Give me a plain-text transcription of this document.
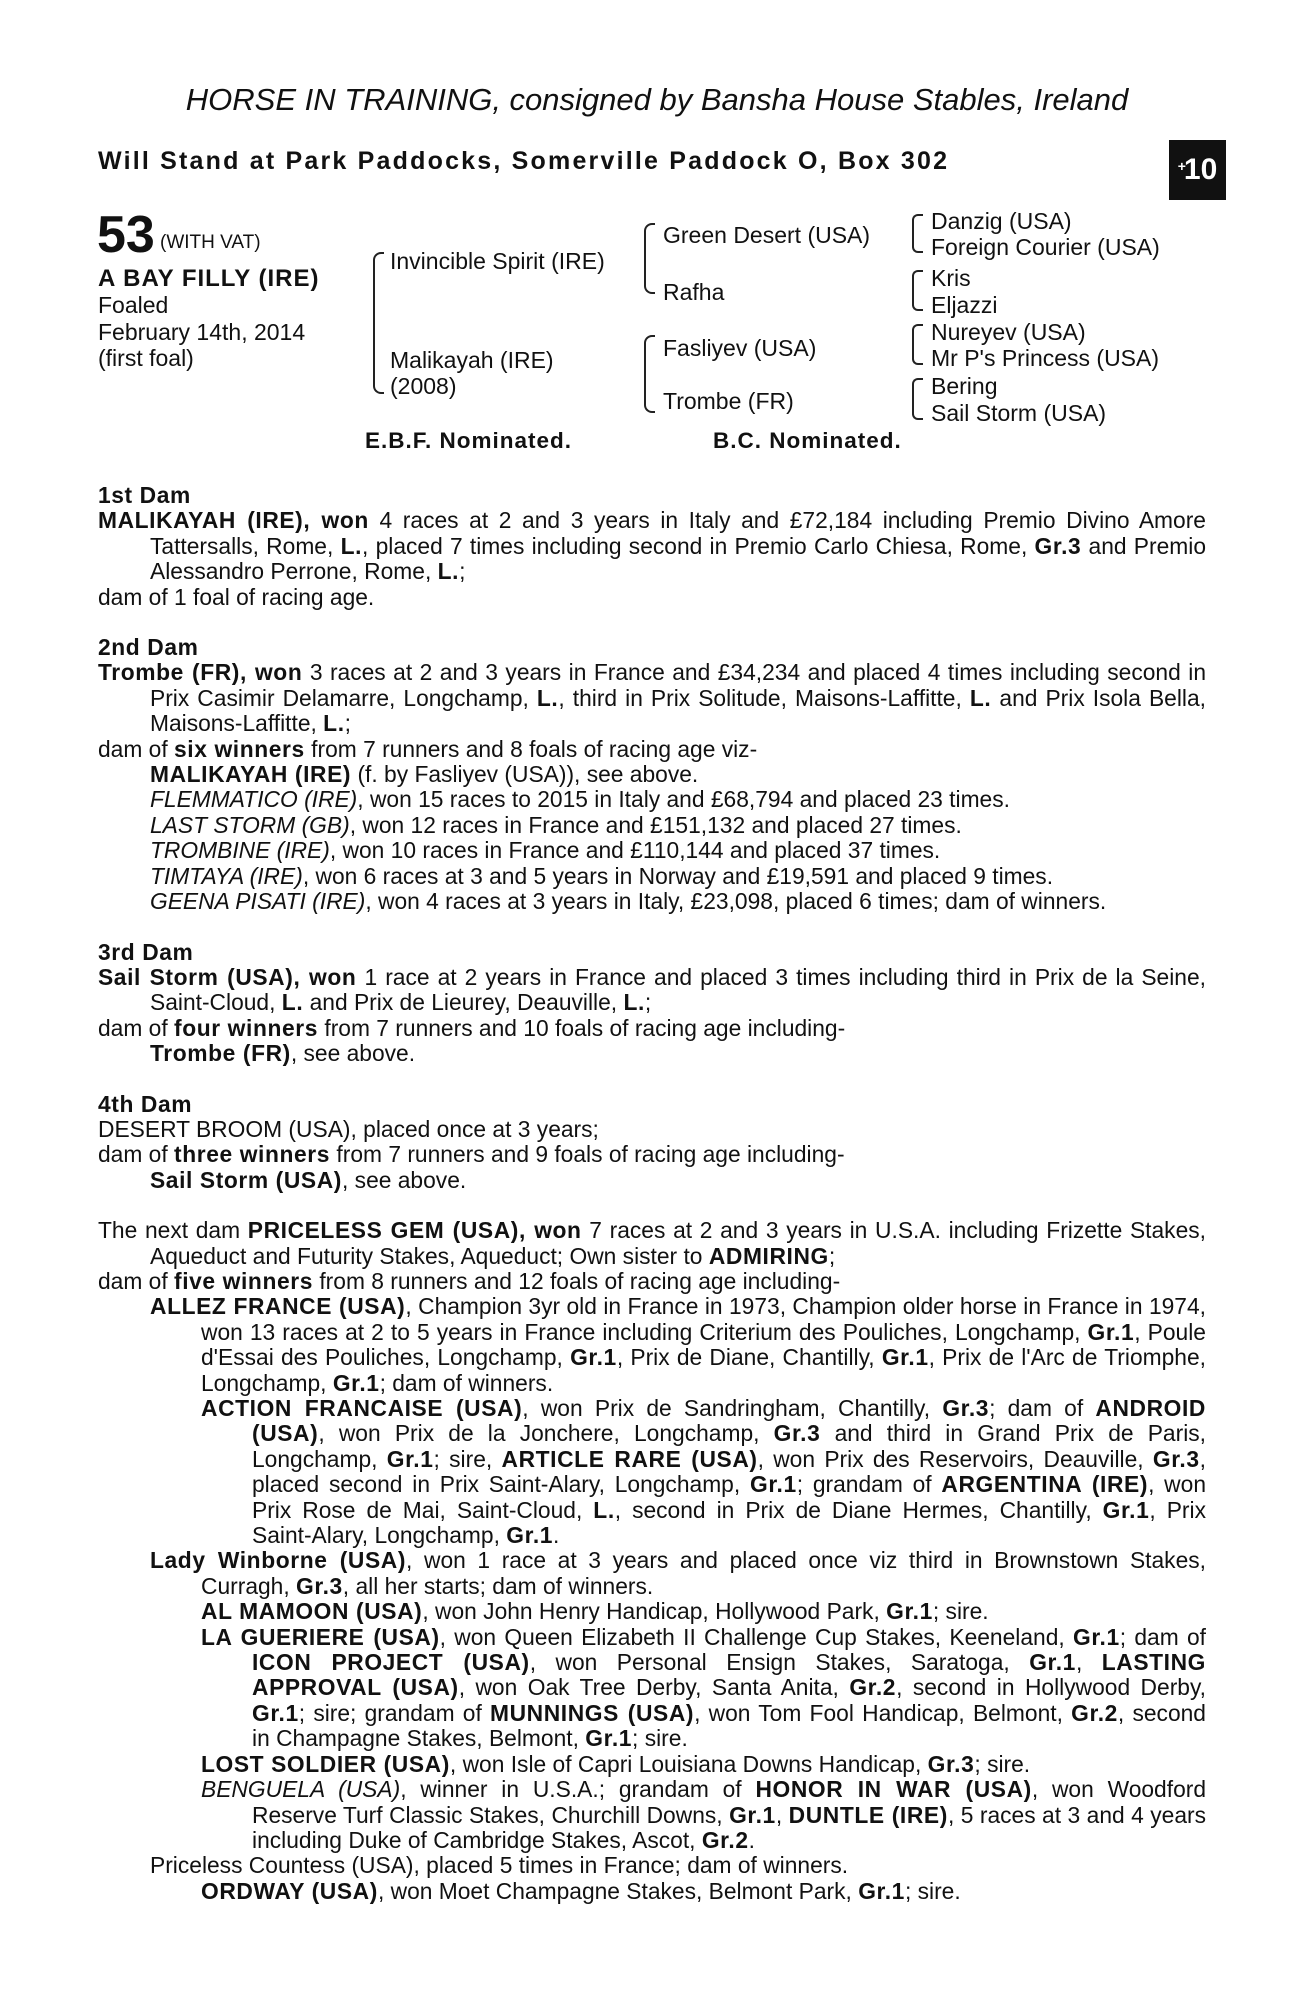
HORSE IN TRAINING, consigned by Bansha House Stables, Ireland
Will Stand at Park Paddocks, Somerville Paddock O, Box 302	+
10
53 (WITH VAT)
A BAY FILLY (IRE)
Foaled
February 14th, 2014
(first foal)
Invincible Spirit (IRE)
Malikayah (IRE)
(2008)
Green Desert (USA)
Rafha
Fasliyev (USA)
Trombe (FR)
Danzig (USA)
Foreign Courier (USA)
Kris
Eljazzi
Nureyev (USA)
Mr P's Princess (USA)
Bering
Sail Storm (USA)
E.B.F. Nominated.	B.C. Nominated.
1st Dam
MALIKAYAH (IRE), won 4 races at 2 and 3 years in Italy and £72,184 including Premio Divino Amore Tattersalls, Rome, L., placed 7 times including second in Premio Carlo Chiesa, Rome, Gr.3 and Premio Alessandro Perrone, Rome, L.;
dam of 1 foal of racing age.
2nd Dam
Trombe (FR), won 3 races at 2 and 3 years in France and £34,234 and placed 4 times including second in Prix Casimir Delamarre, Longchamp, L., third in Prix Solitude, Maisons-Laffitte, L. and Prix Isola Bella, Maisons-Laffitte, L.;
dam of six winners from 7 runners and 8 foals of racing age viz-
MALIKAYAH (IRE) (f. by Fasliyev (USA)), see above.
FLEMMATICO (IRE), won 15 races to 2015 in Italy and £68,794 and placed 23 times.
LAST STORM (GB), won 12 races in France and £151,132 and placed 27 times.
TROMBINE (IRE), won 10 races in France and £110,144 and placed 37 times.
TIMTAYA (IRE), won 6 races at 3 and 5 years in Norway and £19,591 and placed 9 times.
GEENA PISATI (IRE), won 4 races at 3 years in Italy, £23,098, placed 6 times; dam of winners.
3rd Dam
Sail Storm (USA), won 1 race at 2 years in France and placed 3 times including third in Prix de la Seine, Saint-Cloud, L. and Prix de Lieurey, Deauville, L.;
dam of four winners from 7 runners and 10 foals of racing age including-
Trombe (FR), see above.
4th Dam
DESERT BROOM (USA), placed once at 3 years;
dam of three winners from 7 runners and 9 foals of racing age including-
Sail Storm (USA), see above.
The next dam PRICELESS GEM (USA), won 7 races at 2 and 3 years in U.S.A. including Frizette Stakes, Aqueduct and Futurity Stakes, Aqueduct; Own sister to ADMIRING;
dam of five winners from 8 runners and 12 foals of racing age including-
ALLEZ FRANCE (USA), Champion 3yr old in France in 1973, Champion older horse in France in 1974, won 13 races at 2 to 5 years in France including Criterium des Pouliches, Longchamp, Gr.1, Poule d'Essai des Pouliches, Longchamp, Gr.1, Prix de Diane, Chantilly, Gr.1, Prix de l'Arc de Triomphe, Longchamp, Gr.1; dam of winners.
ACTION FRANCAISE (USA), won Prix de Sandringham, Chantilly, Gr.3; dam of ANDROID (USA), won Prix de la Jonchere, Longchamp, Gr.3 and third in Grand Prix de Paris, Longchamp, Gr.1; sire, ARTICLE RARE (USA), won Prix des Reservoirs, Deauville, Gr.3, placed second in Prix Saint-Alary, Longchamp, Gr.1; grandam of ARGENTINA (IRE), won Prix Rose de Mai, Saint-Cloud, L., second in Prix de Diane Hermes, Chantilly, Gr.1, Prix Saint-Alary, Longchamp, Gr.1.
Lady Winborne (USA), won 1 race at 3 years and placed once viz third in Brownstown Stakes, Curragh, Gr.3, all her starts; dam of winners.
AL MAMOON (USA), won John Henry Handicap, Hollywood Park, Gr.1; sire.
LA GUERIERE (USA), won Queen Elizabeth II Challenge Cup Stakes, Keeneland, Gr.1; dam of ICON PROJECT (USA), won Personal Ensign Stakes, Saratoga, Gr.1, LASTING APPROVAL (USA), won Oak Tree Derby, Santa Anita, Gr.2, second in Hollywood Derby, Gr.1; sire; grandam of MUNNINGS (USA), won Tom Fool Handicap, Belmont, Gr.2, second in Champagne Stakes, Belmont, Gr.1; sire.
LOST SOLDIER (USA), won Isle of Capri Louisiana Downs Handicap, Gr.3; sire.
BENGUELA (USA), winner in U.S.A.; grandam of HONOR IN WAR (USA), won Woodford Reserve Turf Classic Stakes, Churchill Downs, Gr.1, DUNTLE (IRE), 5 races at 3 and 4 years including Duke of Cambridge Stakes, Ascot, Gr.2.
Priceless Countess (USA), placed 5 times in France; dam of winners.
ORDWAY (USA), won Moet Champagne Stakes, Belmont Park, Gr.1; sire.
